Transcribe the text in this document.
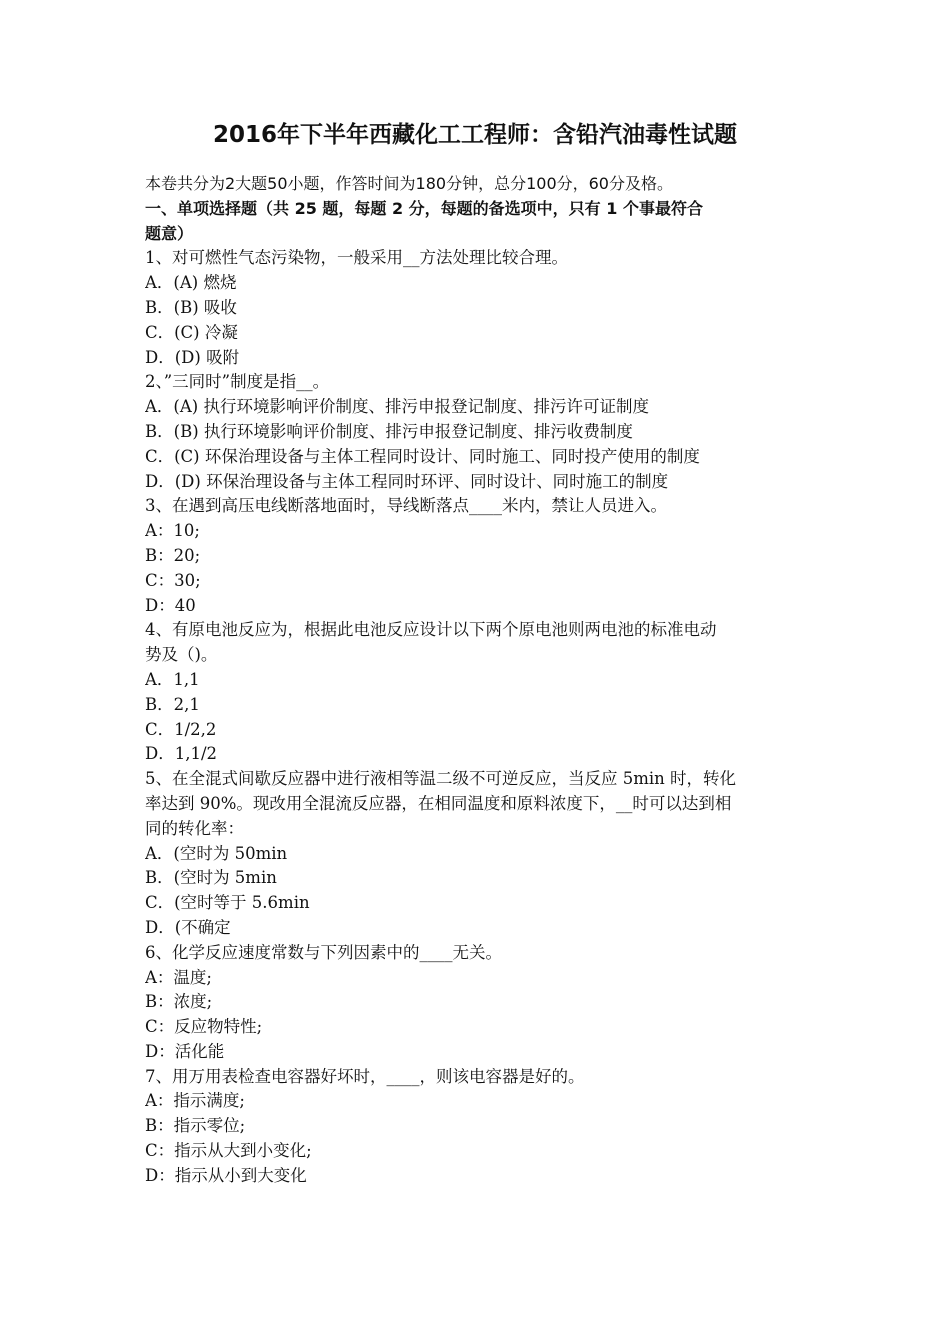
2016年下半年西藏化工工程师：含铅汽油毒性试题
本卷共分为2大题50小题，作答时间为180分钟，总分100分，60分及格。
一、单项选择题（共 25 题，每题 2 分，每题的备选项中，只有 1 个事最符合
题意）
1、对可燃性气态污染物，一般采用__方法处理比较合理。
A．(A) 燃烧
B．(B) 吸收
C．(C) 冷凝
D．(D) 吸附
2、”三同时”制度是指__。
A．(A) 执行环境影响评价制度、排污申报登记制度、排污许可证制度
B．(B) 执行环境影响评价制度、排污申报登记制度、排污收费制度
C．(C) 环保治理设备与主体工程同时设计、同时施工、同时投产使用的制度
D．(D) 环保治理设备与主体工程同时环评、同时设计、同时施工的制度
3、在遇到高压电线断落地面时，导线断落点____米内，禁让人员进入。
A：10;
B：20;
C：30;
D：40
4、有原电池反应为，根据此电池反应设计以下两个原电池则两电池的标准电动
势及（)。
A．1,1
B．2,1
C．1/2,2
D．1,1/2
5、在全混式间歇反应器中进行液相等温二级不可逆反应，当反应 5min 时，转化
率达到 90%。现改用全混流反应器，在相同温度和原料浓度下，__时可以达到相
同的转化率：
A．(空时为 50min
B．(空时为 5min
C．(空时等于 5.6min
D．(不确定
6、化学反应速度常数与下列因素中的____无关。
A：温度;
B：浓度;
C：反应物特性;
D：活化能
7、用万用表检查电容器好坏时，____，则该电容器是好的。
A：指示满度;
B：指示零位;
C：指示从大到小变化;
D：指示从小到大变化
